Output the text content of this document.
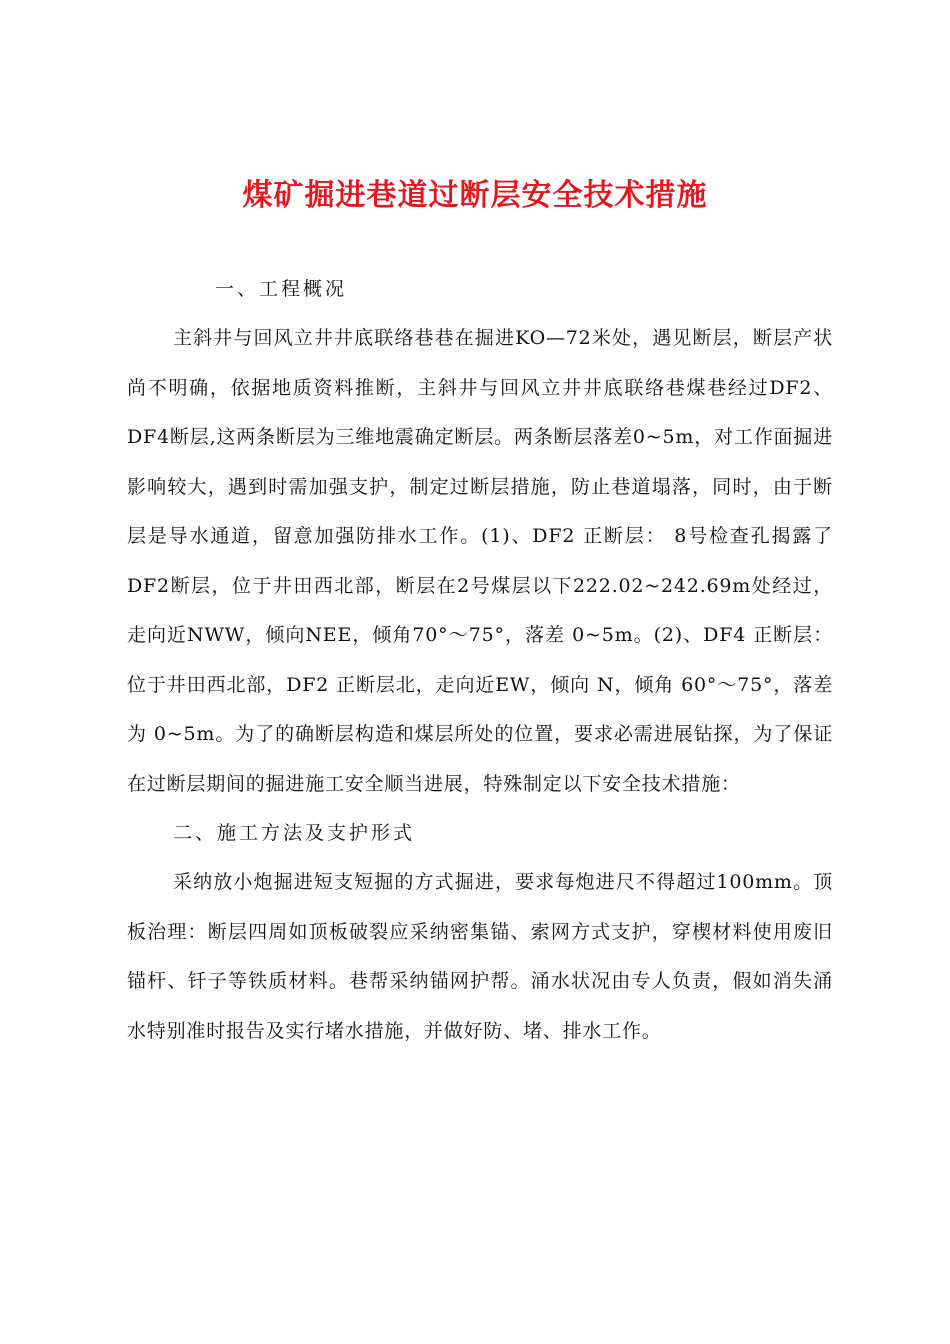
煤矿掘进巷道过断层安全技术措施

一、工程概况

主斜井与回风立井井底联络巷巷在掘进KO—72米处，遇见断层，断层产状尚不明确，依据地质资料推断，主斜井与回风立井井底联络巷煤巷经过DF2、DF4断层,这两条断层为三维地震确定断层。两条断层落差0~5m，对工作面掘进影响较大，遇到时需加强支护，制定过断层措施，防止巷道塌落，同时，由于断层是导水通道，留意加强防排水工作。(1)、DF2 正断层： 8号检查孔揭露了DF2断层，位于井田西北部，断层在2号煤层以下222.02~242.69m处经过，走向近NWW，倾向NEE，倾角70°～75°，落差 0~5m。(2)、DF4 正断层：位于井田西北部，DF2 正断层北，走向近EW，倾向 N，倾角 60°～75°，落差为 0~5m。为了的确断层构造和煤层所处的位置，要求必需进展钻探，为了保证在过断层期间的掘进施工安全顺当进展，特殊制定以下安全技术措施：

二、施工方法及支护形式

采纳放小炮掘进短支短掘的方式掘进，要求每炮进尺不得超过100mm。顶板治理：断层四周如顶板破裂应采纳密集锚、索网方式支护，穿楔材料使用废旧锚杆、钎子等铁质材料。巷帮采纳锚网护帮。涌水状况由专人负责，假如消失涌水特别准时报告及实行堵水措施，并做好防、堵、排水工作。
